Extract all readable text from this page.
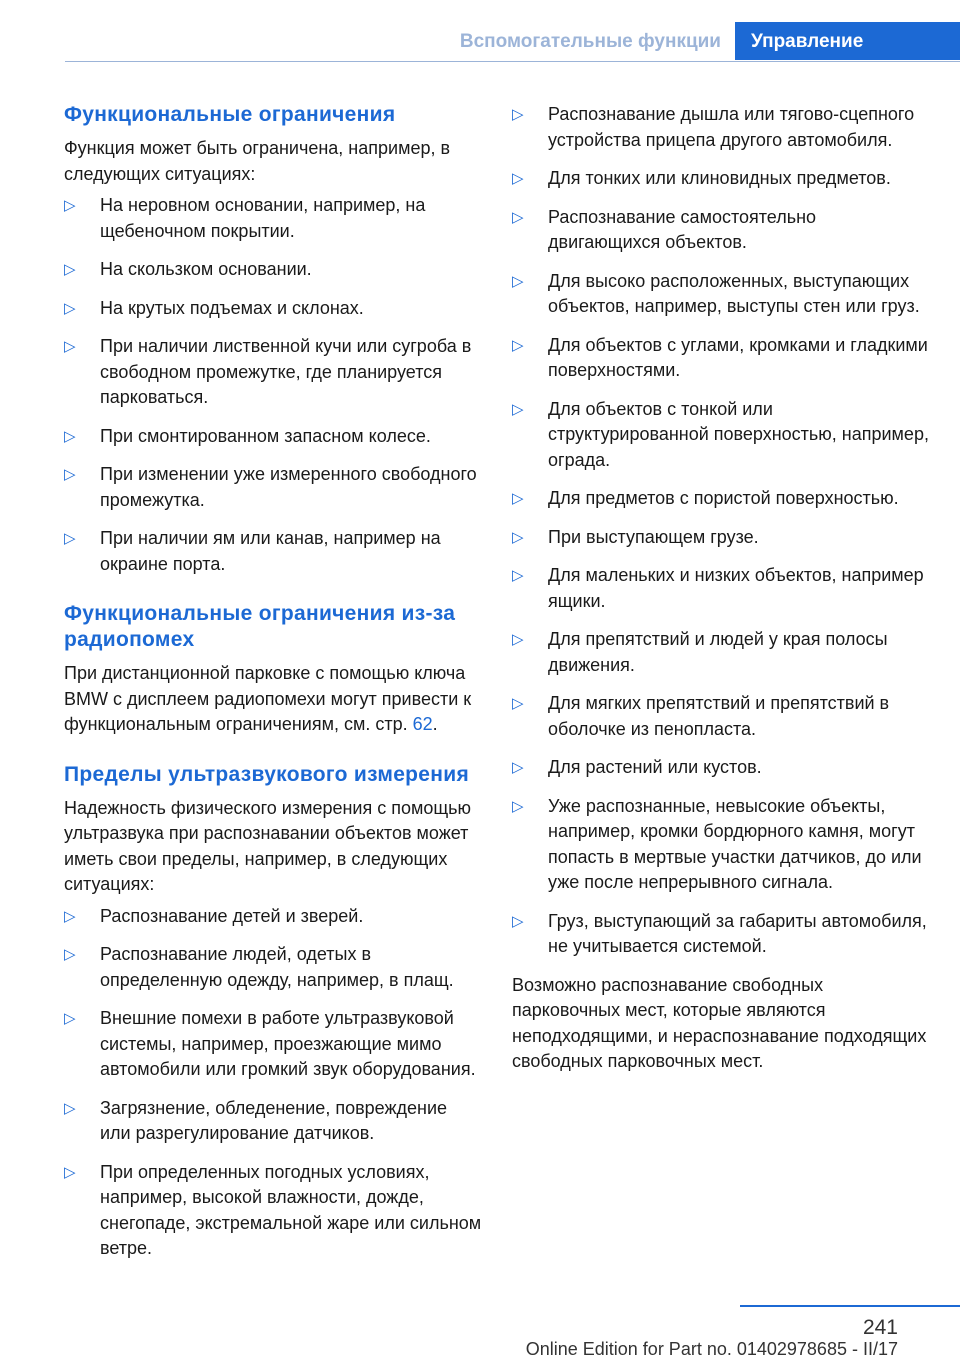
Вспомогательные функции	Управление
Функциональные ограничения

Функция может быть ограничена, например, в следующих ситуациях:

▷ На неровном основании, например, на щебеночном покрытии.
▷ На скользком основании.
▷ На крутых подъемах и склонах.
▷ При наличии лиственной кучи или сугроба в свободном промежутке, где планируется парковаться.
▷ При смонтированном запасном колесе.
▷ При изменении уже измеренного свободного промежутка.
▷ При наличии ям или канав, например на окраине порта.
Функциональные ограничения из-за радиопомех

При дистанционной парковке с помощью ключа BMW с дисплеем радиопомехи могут привести к функциональным ограничениям, см. стр. 62.

Пределы ультразвукового измерения

Надежность физического измерения с помощью ультразвука при распознавании объектов может иметь свои пределы, например, в следующих ситуациях:

▷ Распознавание детей и зверей.
▷ Распознавание людей, одетых в определенную одежду, например, в плащ.
▷ Внешние помехи в работе ультразвуковой системы, например, проезжающие мимо автомобили или громкий звук оборудования.
▷ Загрязнение, обледенение, повреждение или разрегулирование датчиков.
▷ При определенных погодных условиях, например, высокой влажности, дожде, снегопаде, экстремальной жаре или сильном ветре.
▷ Распознавание дышла или тягово-сцепного устройства прицепа другого автомобиля.
▷ Для тонких или клиновидных предметов.
▷ Распознавание самостоятельно двигающихся объектов.
▷ Для высоко расположенных, выступающих объектов, например, выступы стен или груз.
▷ Для объектов с углами, кромками и гладкими поверхностями.
▷ Для объектов с тонкой или структурированной поверхностью, например, ограда.
▷ Для предметов с пористой поверхностью.
▷ При выступающем грузе.
▷ Для маленьких и низких объектов, например ящики.
▷ Для препятствий и людей у края полосы движения.
▷ Для мягких препятствий и препятствий в оболочке из пенопласта.
▷ Для растений или кустов.
▷ Уже распознанные, невысокие объекты, например, кромки бордюрного камня, могут попасть в мертвые участки датчиков, до или уже после непрерывного сигнала.
▷ Груз, выступающий за габариты автомобиля, не учитывается системой.

Возможно распознавание свободных парковочных мест, которые являются неподходящими, и нераспознавание подходящих свободных парковочных мест.

241
Online Edition for Part no. 01402978685 - II/17
